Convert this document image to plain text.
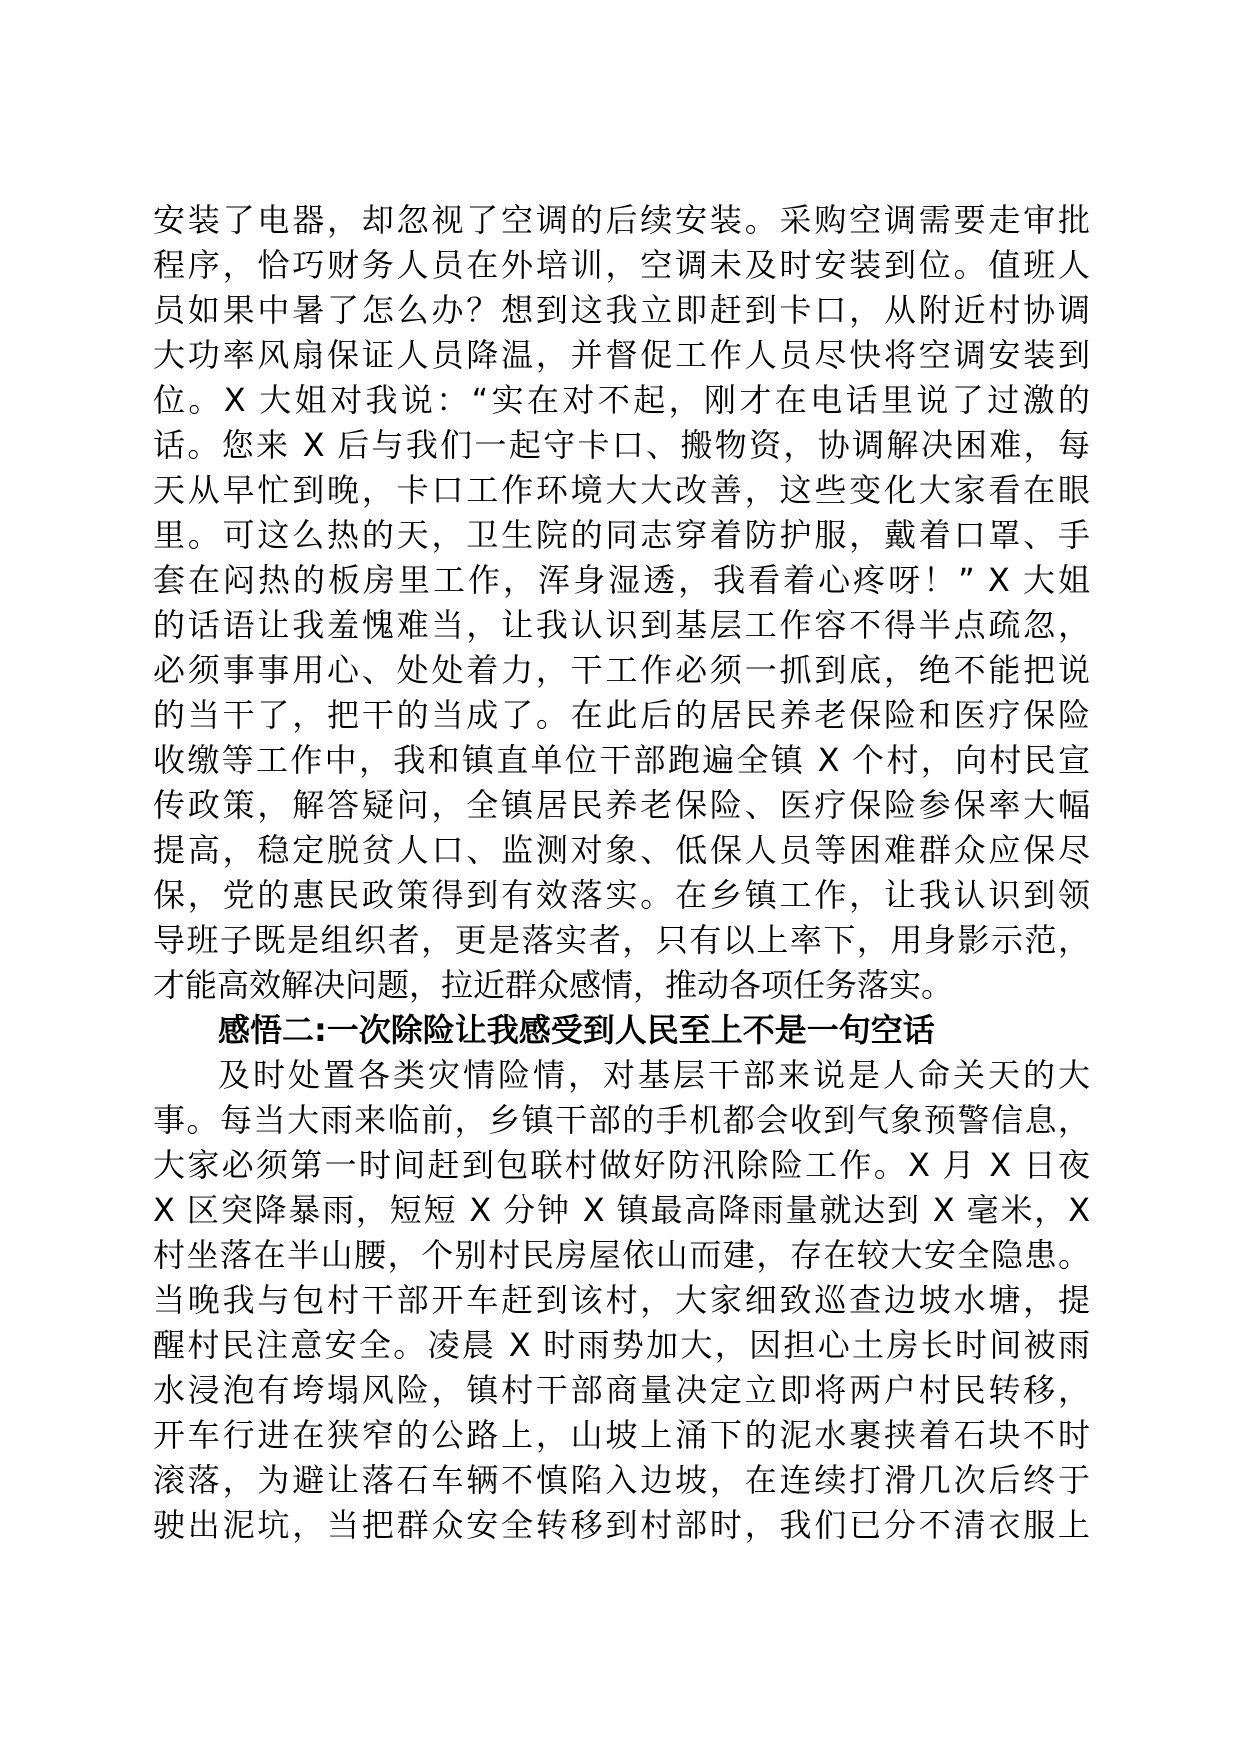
安装了电器，却忽视了空调的后续安装。采购空调需要走审批
程序，恰巧财务人员在外培训，空调未及时安装到位。值班人
员如果中暑了怎么办？想到这我立即赶到卡口，从附近村协调
大功率风扇保证人员降温，并督促工作人员尽快将空调安装到
位。X 大姐对我说：“实在对不起，刚才在电话里说了过激的
话。您来 X 后与我们一起守卡口、搬物资，协调解决困难，每
天从早忙到晚，卡口工作环境大大改善，这些变化大家看在眼
里。可这么热的天，卫生院的同志穿着防护服，戴着口罩、手
套在闷热的板房里工作，浑身湿透，我看着心疼呀！” X 大姐
的话语让我羞愧难当，让我认识到基层工作容不得半点疏忽，
必须事事用心、处处着力，干工作必须一抓到底，绝不能把说
的当干了，把干的当成了。在此后的居民养老保险和医疗保险
收缴等工作中，我和镇直单位干部跑遍全镇 X 个村，向村民宣
传政策，解答疑问，全镇居民养老保险、医疗保险参保率大幅
提高，稳定脱贫人口、监测对象、低保人员等困难群众应保尽
保，党的惠民政策得到有效落实。在乡镇工作，让我认识到领
导班子既是组织者，更是落实者，只有以上率下，用身影示范，
才能高效解决问题，拉近群众感情，推动各项任务落实。
感悟二:一次除险让我感受到人民至上不是一句空话
及时处置各类灾情险情，对基层干部来说是人命关天的大
事。每当大雨来临前，乡镇干部的手机都会收到气象预警信息，
大家必须第一时间赶到包联村做好防汛除险工作。X 月 X 日夜
X 区突降暴雨，短短 X 分钟 X 镇最高降雨量就达到 X 毫米，X
村坐落在半山腰，个别村民房屋依山而建，存在较大安全隐患。
当晚我与包村干部开车赶到该村，大家细致巡查边坡水塘，提
醒村民注意安全。凌晨 X 时雨势加大，因担心土房长时间被雨
水浸泡有垮塌风险，镇村干部商量决定立即将两户村民转移，
开车行进在狭窄的公路上，山坡上涌下的泥水裹挟着石块不时
滚落，为避让落石车辆不慎陷入边坡，在连续打滑几次后终于
驶出泥坑，当把群众安全转移到村部时，我们已分不清衣服上
